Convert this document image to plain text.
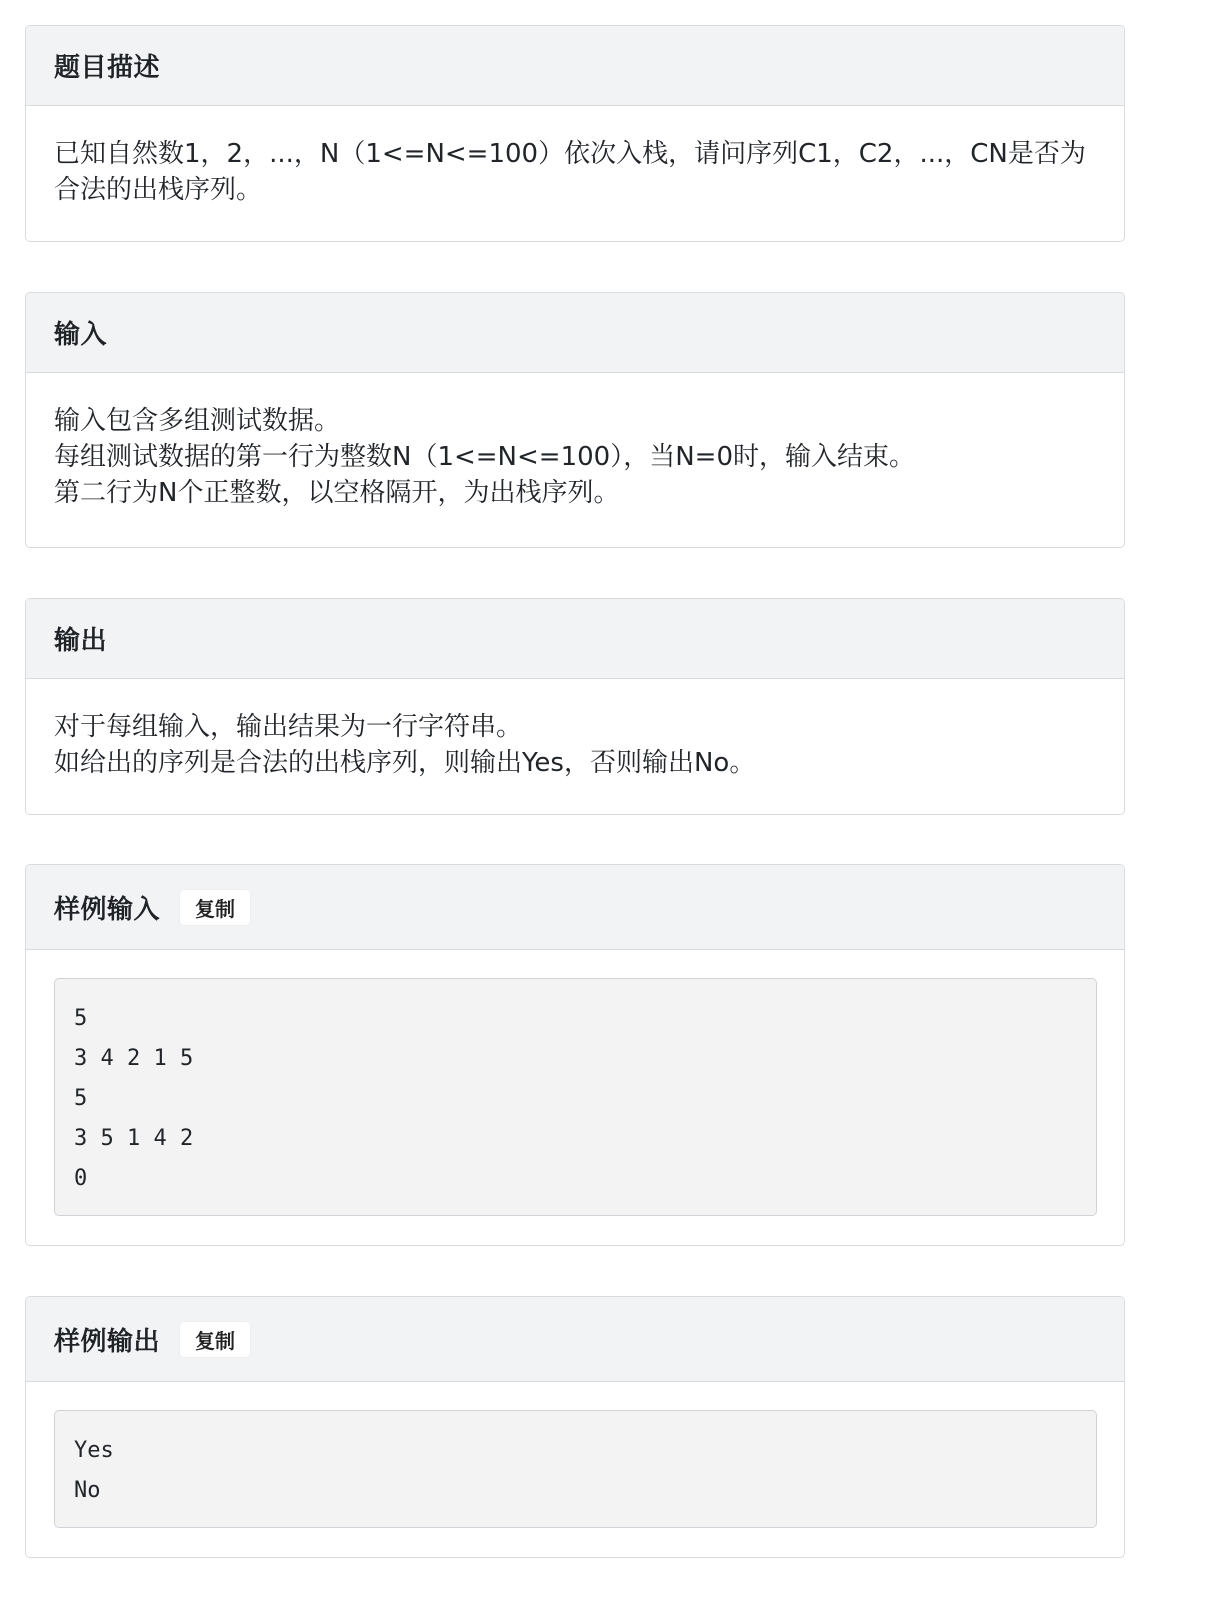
题目描述
已知自然数1，2，...，N（1<=N<=100）依次入栈，请问序列C1，C2，...，CN是否为
合法的出栈序列。
输入
输入包含多组测试数据。
每组测试数据的第一行为整数N（1<=N<=100），当N=0时，输入结束。
第二行为N个正整数，以空格隔开，为出栈序列。
输出
对于每组输入，输出结果为一行字符串。
如给出的序列是合法的出栈序列，则输出Yes，否则输出No。
样例输入	复制
5
3 4 2 1 5
5
3 5 1 4 2
0
样例输出	复制
Yes
No
